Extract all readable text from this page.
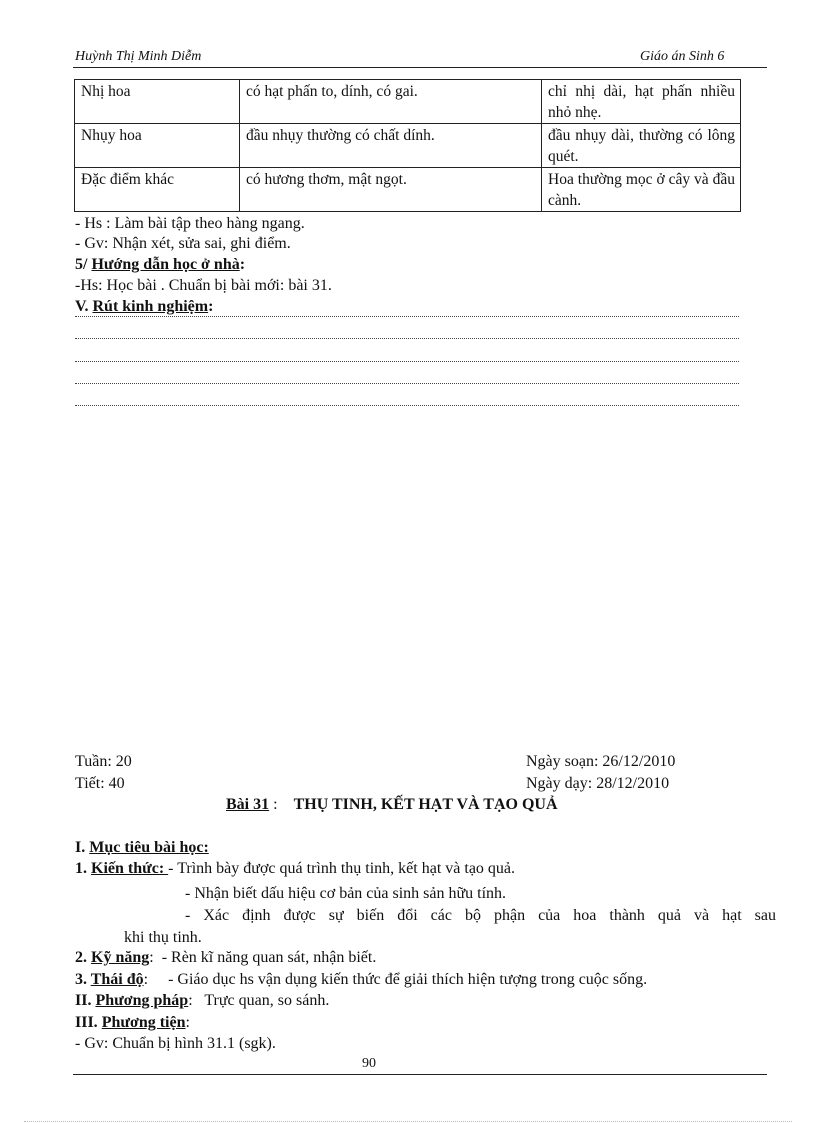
Huỳnh Thị Minh Diễm	Giáo án Sinh 6
Nhị hoa	có hạt phấn to, dính, có gai.	chỉ nhị dài, hạt phấn nhiều nhỏ nhẹ.
Nhụy hoa	đầu nhụy thường có chất dính.	đầu nhụy dài, thường có lông quét.
Đặc điểm khác	có hương thơm, mật ngọt.	Hoa thường mọc ở cây và đầu cành.
- Hs : Làm bài tập theo hàng ngang.
- Gv: Nhận xét, sửa sai, ghi điểm.
5/ Hướng dẫn học ở nhà:
-Hs: Học bài . Chuẩn bị bài mới: bài 31.
V. Rút kinh nghiệm:
Tuần: 20
Tiết: 40
Ngày soạn: 26/12/2010
Ngày dạy: 28/12/2010
Bài 31 :    THỤ TINH, KẾT HẠT VÀ TẠO QUẢ
I. Mục tiêu bài học:
1. Kiến thức: - Trình bày được quá trình thụ tinh, kết hạt và tạo quả.
- Nhận biết dấu hiệu cơ bản của sinh sản hữu tính.
- Xác định được sự biến đổi các bộ phận của hoa thành quả và hạt sau
khi thụ tinh.
2. Kỹ năng:  - Rèn kĩ năng quan sát, nhận biết.
3. Thái độ:     - Giáo dục hs vận dụng kiến thức để giải thích hiện tượng trong cuộc sống.
II. Phương pháp:   Trực quan, so sánh.
III. Phương tiện:
- Gv: Chuẩn bị hình 31.1 (sgk).
90
